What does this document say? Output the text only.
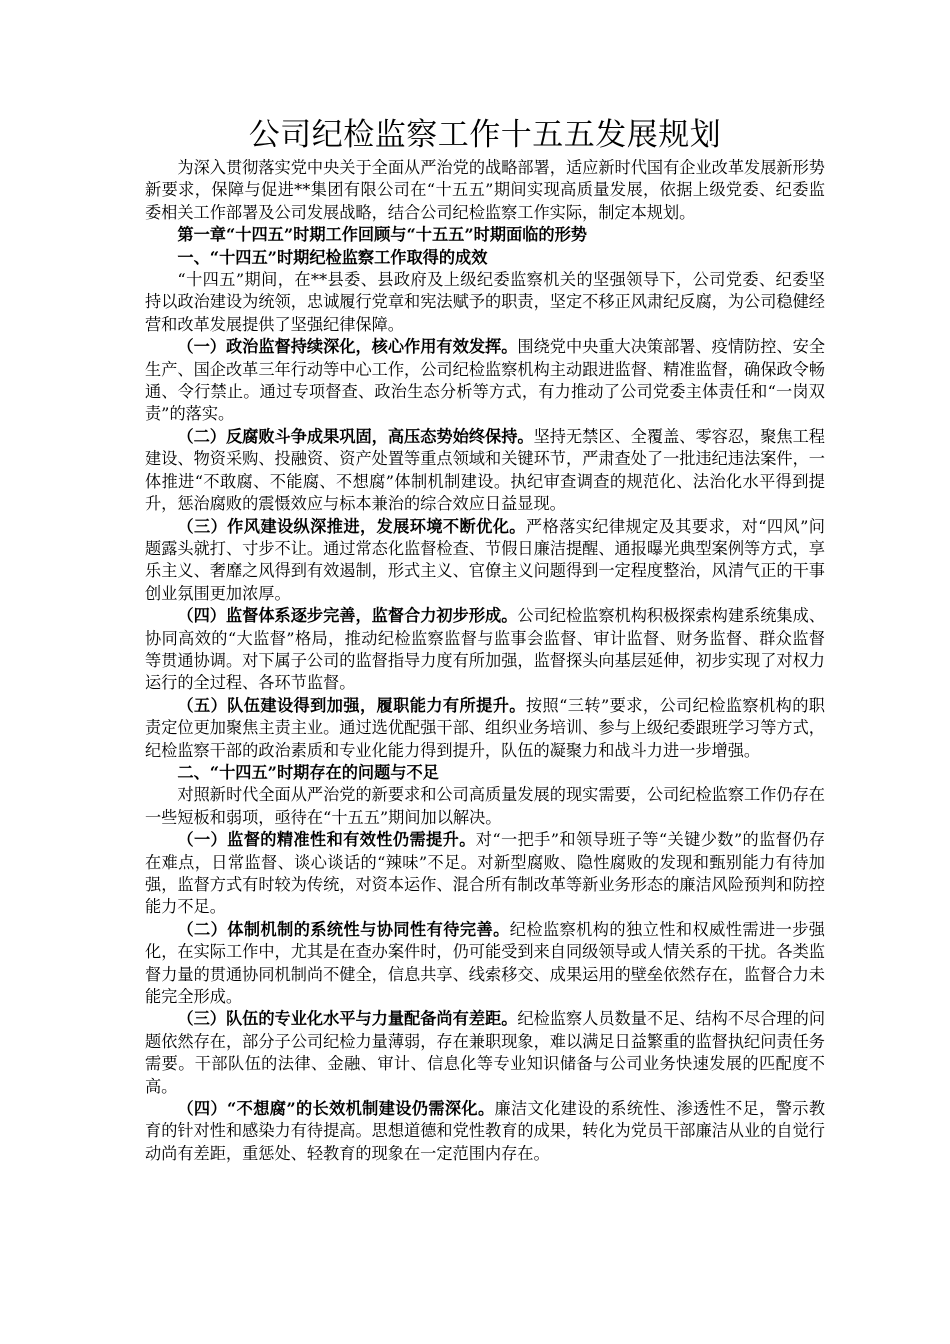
公司纪检监察工作十五五发展规划

为深入贯彻落实党中央关于全面从严治党的战略部署，适应新时代国有企业改革发展新形势新要求，保障与促进**集团有限公司在“十五五”期间实现高质量发展，依据上级党委、纪委监委相关工作部署及公司发展战略，结合公司纪检监察工作实际，制定本规划。

第一章“十四五”时期工作回顾与“十五五”时期面临的形势

一、“十四五”时期纪检监察工作取得的成效

“十四五”期间，在**县委、县政府及上级纪委监察机关的坚强领导下，公司党委、纪委坚持以政治建设为统领，忠诚履行党章和宪法赋予的职责，坚定不移正风肃纪反腐，为公司稳健经营和改革发展提供了坚强纪律保障。

（一）政治监督持续深化，核心作用有效发挥。围绕党中央重大决策部署、疫情防控、安全生产、国企改革三年行动等中心工作，公司纪检监察机构主动跟进监督、精准监督，确保政令畅通、令行禁止。通过专项督查、政治生态分析等方式，有力推动了公司党委主体责任和“一岗双责”的落实。

（二）反腐败斗争成果巩固，高压态势始终保持。坚持无禁区、全覆盖、零容忍，聚焦工程建设、物资采购、投融资、资产处置等重点领域和关键环节，严肃查处了一批违纪违法案件，一体推进“不敢腐、不能腐、不想腐”体制机制建设。执纪审查调查的规范化、法治化水平得到提升，惩治腐败的震慑效应与标本兼治的综合效应日益显现。

（三）作风建设纵深推进，发展环境不断优化。严格落实纪律规定及其要求，对“四风”问题露头就打、寸步不让。通过常态化监督检查、节假日廉洁提醒、通报曝光典型案例等方式，享乐主义、奢靡之风得到有效遏制，形式主义、官僚主义问题得到一定程度整治，风清气正的干事创业氛围更加浓厚。

（四）监督体系逐步完善，监督合力初步形成。公司纪检监察机构积极探索构建系统集成、协同高效的“大监督”格局，推动纪检监察监督与监事会监督、审计监督、财务监督、群众监督等贯通协调。对下属子公司的监督指导力度有所加强，监督探头向基层延伸，初步实现了对权力运行的全过程、各环节监督。

（五）队伍建设得到加强，履职能力有所提升。按照“三转”要求，公司纪检监察机构的职责定位更加聚焦主责主业。通过选优配强干部、组织业务培训、参与上级纪委跟班学习等方式，纪检监察干部的政治素质和专业化能力得到提升，队伍的凝聚力和战斗力进一步增强。

二、“十四五”时期存在的问题与不足

对照新时代全面从严治党的新要求和公司高质量发展的现实需要，公司纪检监察工作仍存在一些短板和弱项，亟待在“十五五”期间加以解决。

（一）监督的精准性和有效性仍需提升。对“一把手”和领导班子等“关键少数”的监督仍存在难点，日常监督、谈心谈话的“辣味”不足。对新型腐败、隐性腐败的发现和甄别能力有待加强，监督方式有时较为传统，对资本运作、混合所有制改革等新业务形态的廉洁风险预判和防控能力不足。

（二）体制机制的系统性与协同性有待完善。纪检监察机构的独立性和权威性需进一步强化，在实际工作中，尤其是在查办案件时，仍可能受到来自同级领导或人情关系的干扰。各类监督力量的贯通协同机制尚不健全，信息共享、线索移交、成果运用的壁垒依然存在，监督合力未能完全形成。

（三）队伍的专业化水平与力量配备尚有差距。纪检监察人员数量不足、结构不尽合理的问题依然存在，部分子公司纪检力量薄弱，存在兼职现象，难以满足日益繁重的监督执纪问责任务需要。干部队伍的法律、金融、审计、信息化等专业知识储备与公司业务快速发展的匹配度不高。

（四）“不想腐”的长效机制建设仍需深化。廉洁文化建设的系统性、渗透性不足，警示教育的针对性和感染力有待提高。思想道德和党性教育的成果，转化为党员干部廉洁从业的自觉行动尚有差距，重惩处、轻教育的现象在一定范围内存在。
